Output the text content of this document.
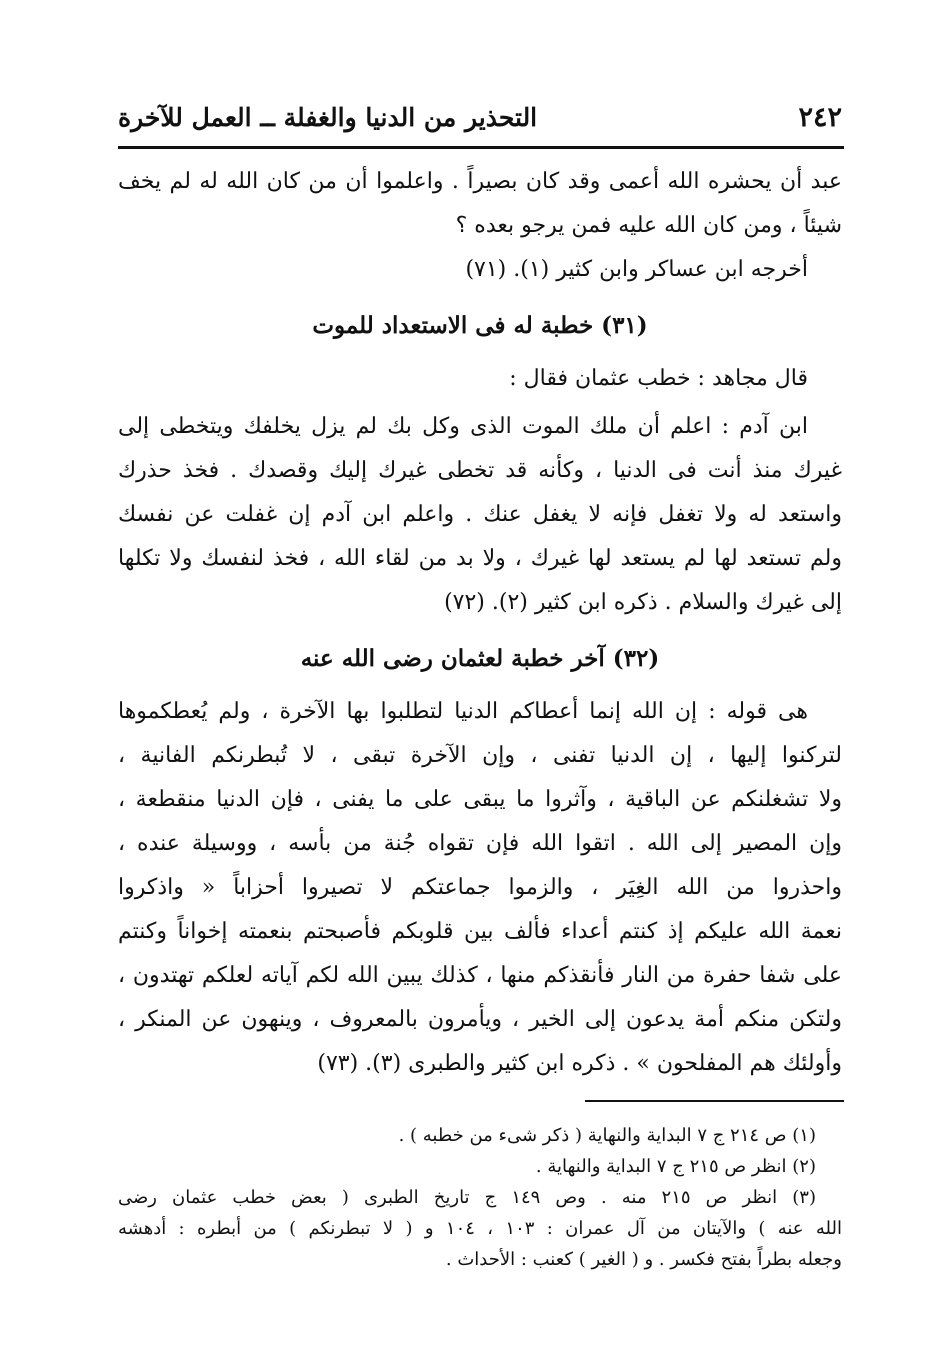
٢٤٢
التحذير من الدنيا والغفلة ــ العمل للآخرة
عبد أن يحشره الله أعمى وقد كان بصيراً . واعلموا أن من كان الله له لم يخف
شيئاً ، ومن كان الله عليه فمن يرجو بعده ؟
أخرجه ابن عساكر وابن كثير (١). (٧١)
(٣١) خطبة له فى الاستعداد للموت
قال مجاهد : خطب عثمان فقال :
ابن آدم : اعلم أن ملك الموت الذى وكل بك لم يزل يخلفك ويتخطى إلى
غيرك منذ أنت فى الدنيا ، وكأنه قد تخطى غيرك إليك وقصدك . فخذ حذرك
واستعد له ولا تغفل فإنه لا يغفل عنك . واعلم ابن آدم إن غفلت عن نفسك
ولم تستعد لها لم يستعد لها غيرك ، ولا بد من لقاء الله ، فخذ لنفسك ولا تكلها
إلى غيرك والسلام . ذكره ابن كثير (٢). (٧٢)
(٣٢) آخر خطبة لعثمان رضى الله عنه
هى قوله : إن الله إنما أعطاكم الدنيا لتطلبوا بها الآخرة ، ولم يُعطكموها
لتركنوا إليها ، إن الدنيا تفنى ، وإن الآخرة تبقى ، لا تُبطرنكم الفانية ،
ولا تشغلنكم عن الباقية ، وآثروا ما يبقى على ما يفنى ، فإن الدنيا منقطعة ،
وإن المصير إلى الله . اتقوا الله فإن تقواه جُنة من بأسه ، ووسيلة عنده ،
واحذروا من الله الغِيَر ، والزموا جماعتكم لا تصيروا أحزاباً « واذكروا
نعمة الله عليكم إذ كنتم أعداء فألف بين قلوبكم فأصبحتم بنعمته إخواناً وكنتم
على شفا حفرة من النار فأنقذكم منها ، كذلك يبين الله لكم آياته لعلكم تهتدون ،
ولتكن منكم أمة يدعون إلى الخير ، ويأمرون بالمعروف ، وينهون عن المنكر ،
وأولئك هم المفلحون » . ذكره ابن كثير والطبرى (٣). (٧٣)
(١) ص ٢١٤ ج ٧ البداية والنهاية ( ذكر شىء من خطبه ) .
(٢) انظر ص ٢١٥ ج ٧ البداية والنهاية .
(٣) انظر ص ٢١٥ منه . وص ١٤٩ ج تاريخ الطبرى ( بعض خطب عثمان رضى
الله عنه ) والآيتان من آل عمران : ١٠٣ ، ١٠٤ و ( لا تبطرنكم ) من أبطره : أدهشه
وجعله بطراً بفتح فكسر . و ( الغير ) كعنب : الأحداث .
